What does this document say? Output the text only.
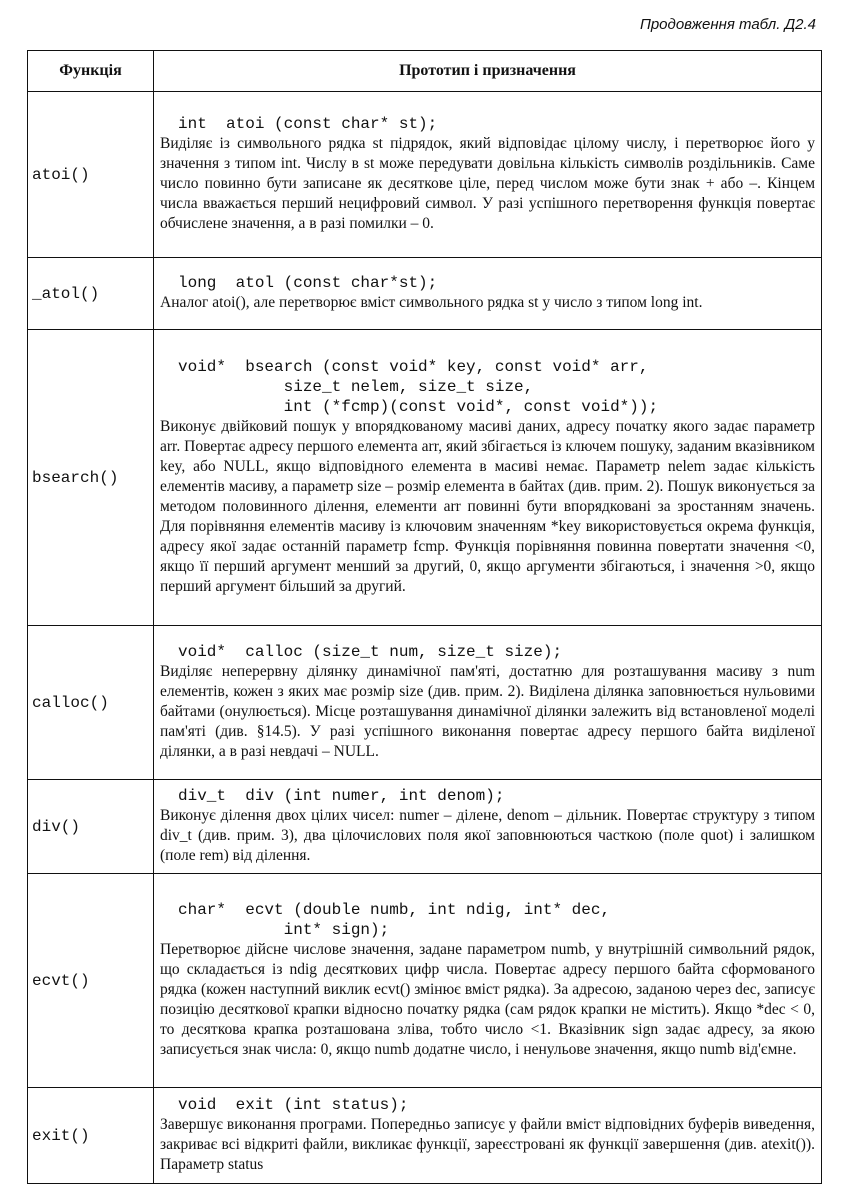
Продовження табл. Д2.4
Функція	Прототип і призначення
atoi()	int  atoi (const char* st);

Виділяє із символьного рядка st підрядок, який відповідає цілому числу, і перетворює його у значення з типом int. Числу в st може передувати довільна кількість символів роздільників. Саме число повинно бути записане як десяткове ціле, перед числом може бути знак + або –. Кінцем числа вважається перший нецифровий символ. У разі успішного перетворення функція повертає обчислене значення, а в разі помилки – 0.

_atol()	long  atol (const char*st);

Аналог atoi(), але перетворює вміст символьного рядка st у число з типом long int.

bsearch()	void*  bsearch (const void* key, const void* arr,
size_t nelem, size_t size,
int (*fcmp)(const void*, const void*));

Виконує двійковий пошук у впорядкованому масиві даних, адресу початку якого задає параметр arr. Повертає адресу першого елемента arr, який збігається із ключем пошуку, заданим вказівником key, або NULL, якщо відповідного елемента в масиві немає. Параметр nelem задає кількість елементів масиву, а параметр size – розмір елемента в байтах (див. прим. 2). Пошук виконується за методом половинного ділення, елементи arr повинні бути впорядковані за зростанням значень. Для порівняння елементів масиву із ключовим значенням *key використовується окрема функція, адресу якої задає останній параметр fcmp. Функція порівняння повинна повертати значення <0, якщо її перший аргумент менший за другий, 0, якщо аргументи збігаються, і значення >0, якщо перший аргумент більший за другий.

calloc()	void*  calloc (size_t num, size_t size);

Виділяє неперервну ділянку динамічної пам'яті, достатню для розташування масиву з num елементів, кожен з яких має розмір size (див. прим. 2). Виділена ділянка заповнюється нульовими байтами (онулюється). Місце розташування динамічної ділянки залежить від встановленої моделі пам'яті (див. §14.5). У разі успішного виконання повертає адресу першого байта виділеної ділянки, а в разі невдачі – NULL.

div()	div_t  div (int numer, int denom);

Виконує ділення двох цілих чисел: numer – ділене, denom – дільник. Повертає структуру з типом div_t (див. прим. 3), два цілочислових поля якої заповнюються часткою (поле quot) і залишком (поле rem) від ділення.

ecvt()	char*  ecvt (double numb, int ndig, int* dec,
int* sign);

Перетворює дійсне числове значення, задане параметром numb, у внутрішній символьний рядок, що складається із ndig десяткових цифр числа. Повертає адресу першого байта сформованого рядка (кожен наступний виклик ecvt() змінює вміст рядка). За адресою, заданою через dec, записує позицію десяткової крапки відносно початку рядка (сам рядок крапки не містить). Якщо *dec < 0, то десяткова крапка розташована зліва, тобто число <1. Вказівник sign задає адресу, за якою записується знак числа: 0, якщо numb додатне число, і ненульове значення, якщо numb від'ємне.

exit()	void  exit (int status);

Завершує виконання програми. Попередньо записує у файли вміст відповідних буферів виведення, закриває всі відкриті файли, викликає функції, зареєстровані як функції завершення (див. atexit()). Параметр status
